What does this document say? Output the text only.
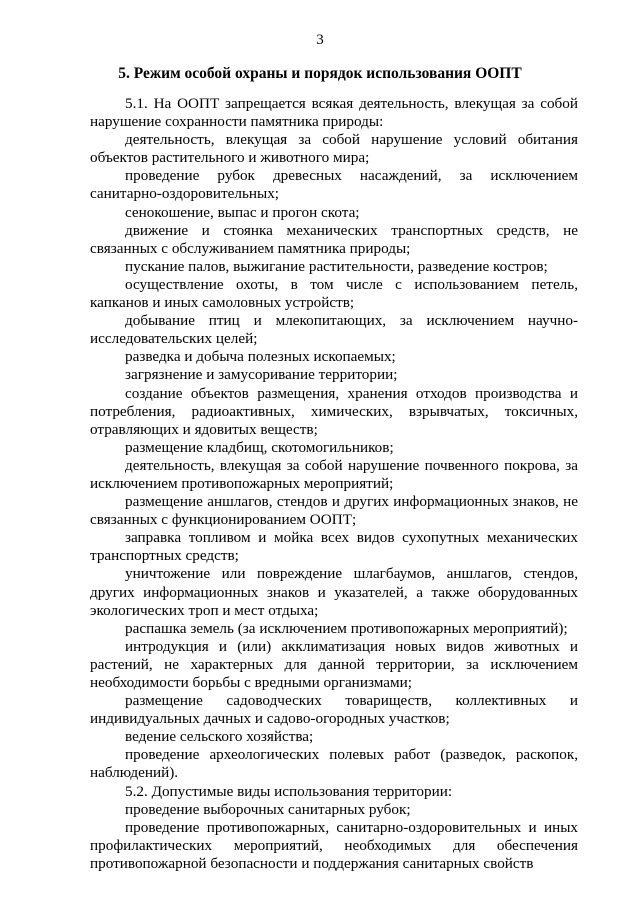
3
5. Режим особой охраны и порядок использования ООПТ

5.1. На ООПТ запрещается всякая деятельность, влекущая за собой нарушение сохранности памятника природы:

деятельность, влекущая за собой нарушение условий обитания объектов растительного и животного мира;

проведение рубок древесных насаждений, за исключением санитарно-оздоровительных;

сенокошение, выпас и прогон скота;

движение и стоянка механических транспортных средств, не связанных с обслуживанием памятника природы;

пускание палов, выжигание растительности, разведение костров;

осуществление охоты, в том числе с использованием петель, капканов и иных самоловных устройств;

добывание птиц и млекопитающих, за исключением научно-исследовательских целей;

разведка и добыча полезных ископаемых;

загрязнение и замусоривание территории;

создание объектов размещения, хранения отходов производства и потребления, радиоактивных, химических, взрывчатых, токсичных, отравляющих и ядовитых веществ;

размещение кладбищ, скотомогильников;

деятельность, влекущая за собой нарушение почвенного покрова, за исключением противопожарных мероприятий;

размещение аншлагов, стендов и других информационных знаков, не связанных с функционированием ООПТ;

заправка топливом и мойка всех видов сухопутных механических транспортных средств;

уничтожение или повреждение шлагбаумов, аншлагов, стендов, других информационных знаков и указателей, а также оборудованных экологических троп и мест отдыха;

распашка земель (за исключением противопожарных мероприятий);

интродукция и (или) акклиматизация новых видов животных и растений, не характерных для данной территории, за исключением необходимости борьбы с вредными организмами;

размещение садоводческих товариществ, коллективных и индивидуальных дачных и садово-огородных участков;

ведение сельского хозяйства;

проведение археологических полевых работ (разведок, раскопок, наблюдений).

5.2. Допустимые виды использования территории:

проведение выборочных санитарных рубок;

проведение противопожарных, санитарно-оздоровительных и иных профилактических мероприятий, необходимых для обеспечения противопожарной безопасности и поддержания санитарных свойств
